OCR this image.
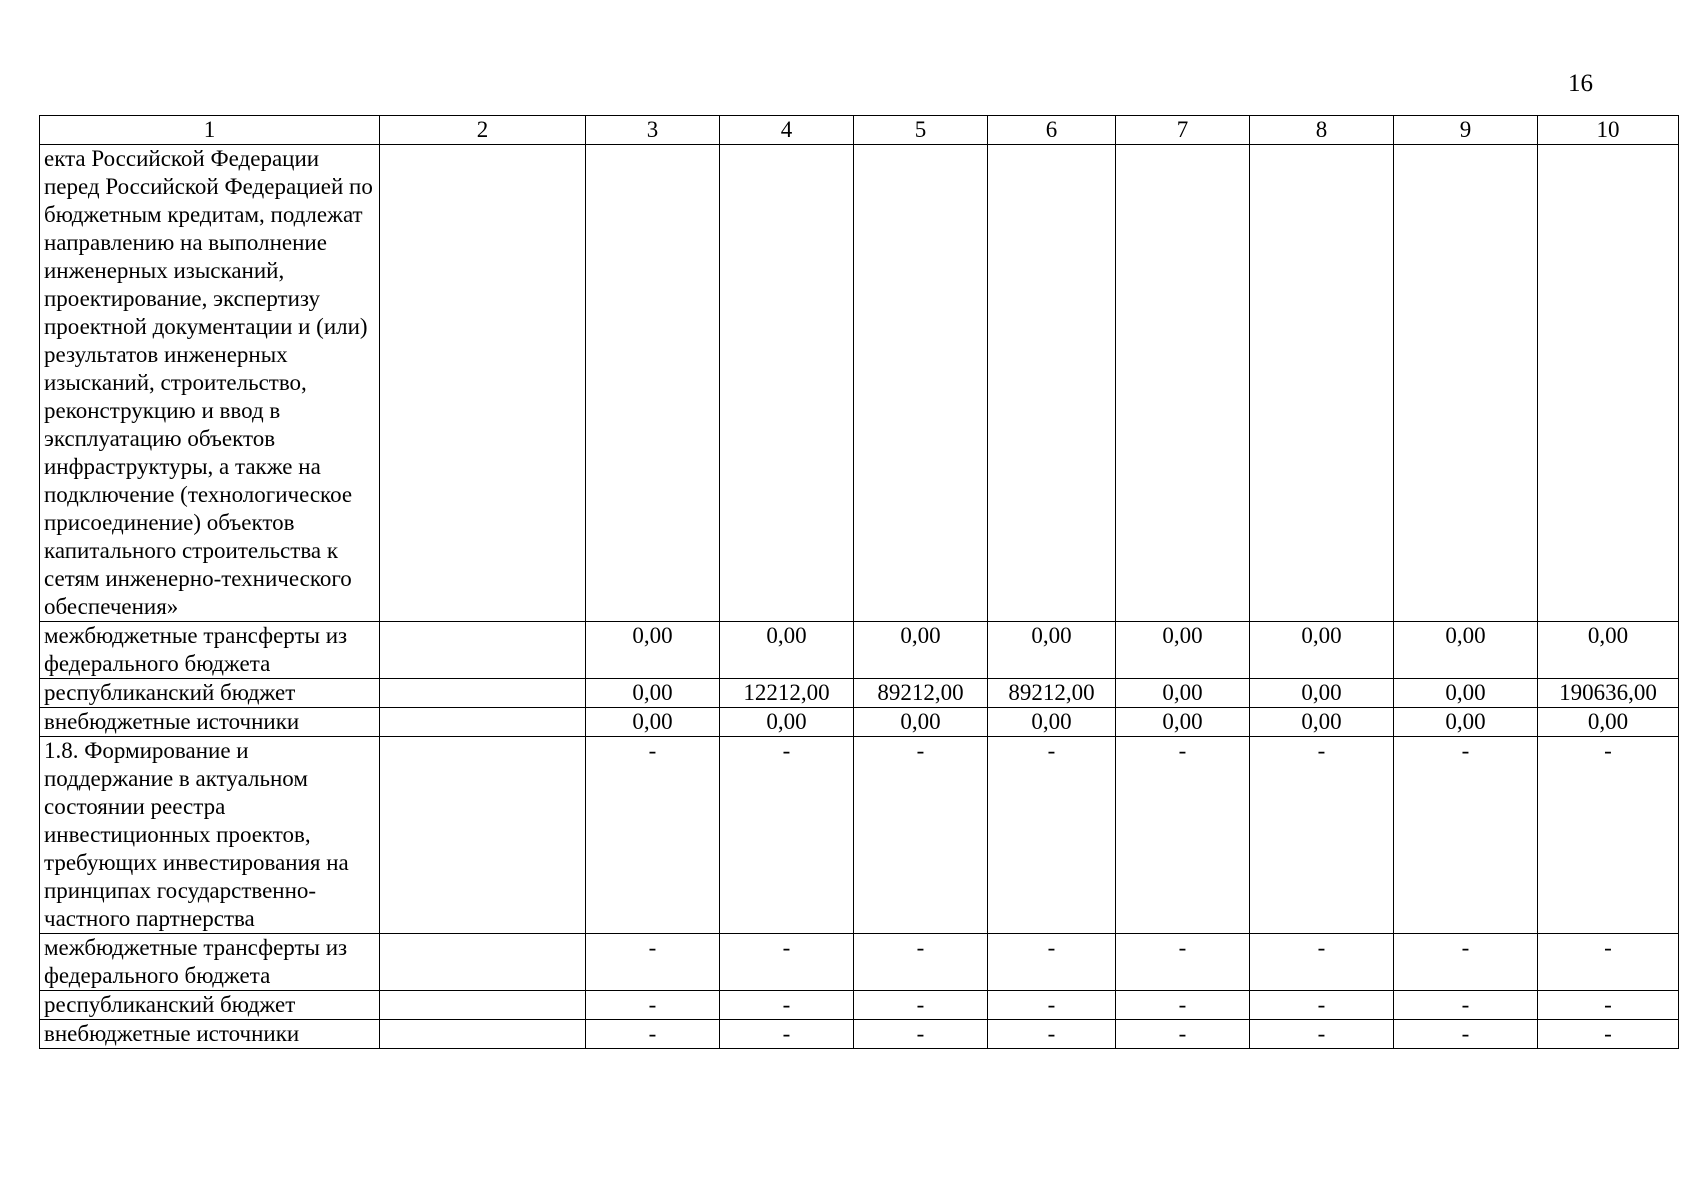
16
1	2	3	4	5	6	7	8	9	10
екта Российской Федерации перед Российской Федерацией по бюджетным кредитам, подлежат направлению на выполнение инженерных изысканий, проектирование, экспертизу проектной документации и (или) результатов инженерных изысканий, строительство, реконструкцию и ввод в эксплуатацию объектов инфраструктуры, а также на подключение (технологическое присоединение) объектов капитального строительства к сетям инженерно-технического обеспечения»									
межбюджетные трансферты из федерального бюджета		0,00	0,00	0,00	0,00	0,00	0,00	0,00	0,00
республиканский бюджет		0,00	12212,00	89212,00	89212,00	0,00	0,00	0,00	190636,00
внебюджетные источники		0,00	0,00	0,00	0,00	0,00	0,00	0,00	0,00
1.8. Формирование и поддержание в актуальном состоянии реестра инвестиционных проектов, требующих инвестирования на принципах государственно-частного партнерства		-	-	-	-	-	-	-	-
межбюджетные трансферты из федерального бюджета		-	-	-	-	-	-	-	-
республиканский бюджет		-	-	-	-	-	-	-	-
внебюджетные источники		-	-	-	-	-	-	-	-
